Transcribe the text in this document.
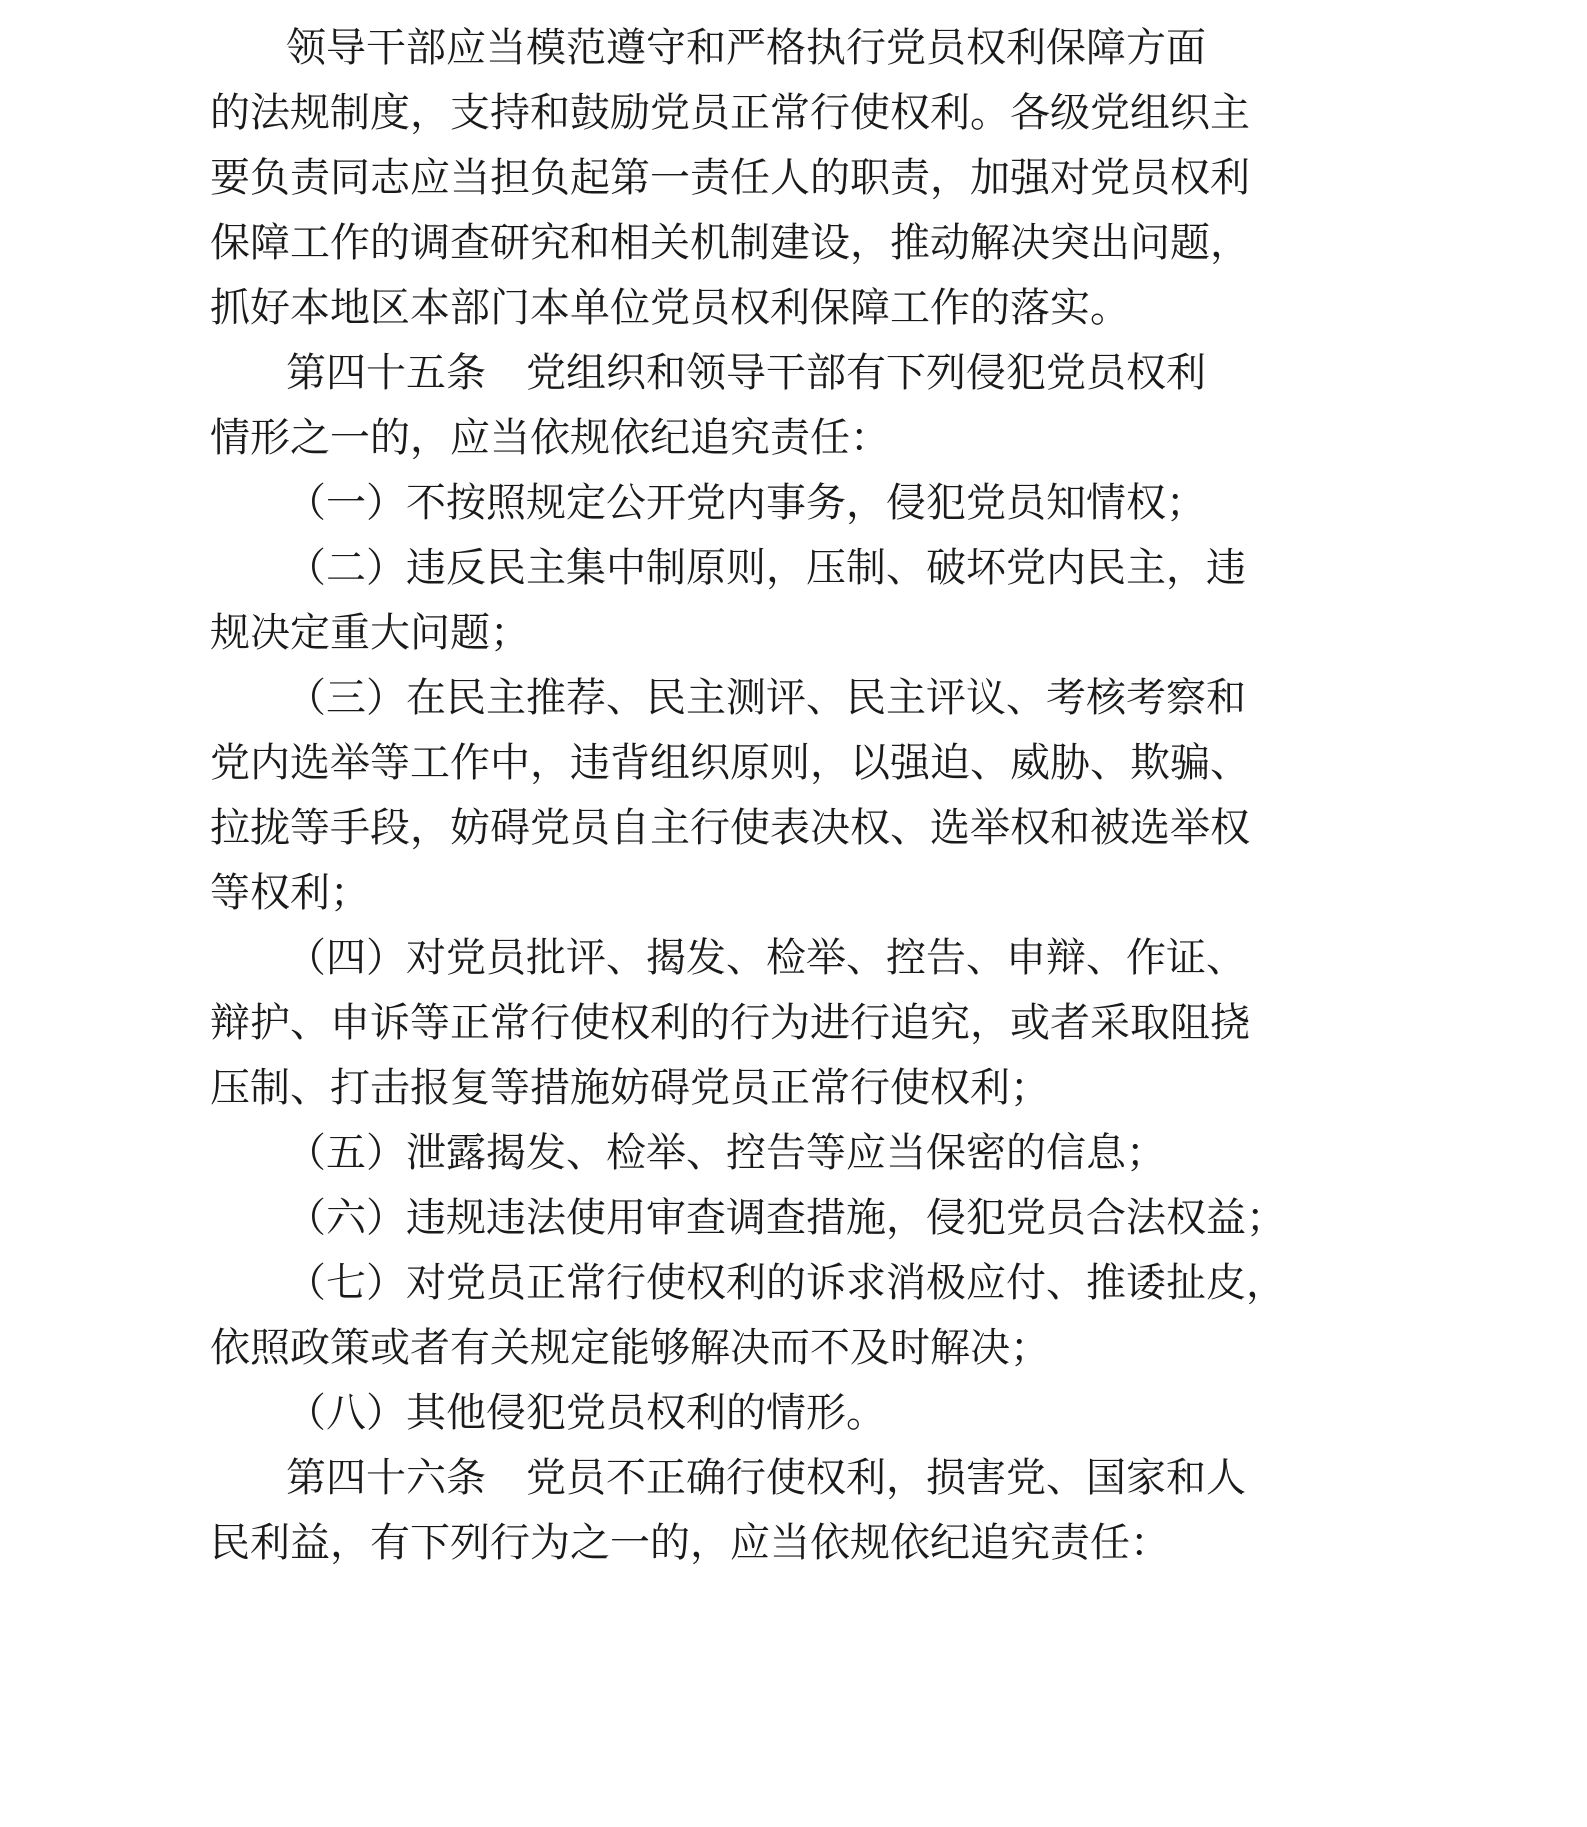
领导干部应当模范遵守和严格执行党员权利保障方面
的法规制度，支持和鼓励党员正常行使权利。各级党组织主
要负责同志应当担负起第一责任人的职责，加强对党员权利
保障工作的调查研究和相关机制建设，推动解决突出问题，
抓好本地区本部门本单位党员权利保障工作的落实。
第四十五条　党组织和领导干部有下列侵犯党员权利
情形之一的，应当依规依纪追究责任：
（一）不按照规定公开党内事务，侵犯党员知情权；
（二）违反民主集中制原则，压制、破坏党内民主，违
规决定重大问题；
（三）在民主推荐、民主测评、民主评议、考核考察和
党内选举等工作中，违背组织原则，以强迫、威胁、欺骗、
拉拢等手段，妨碍党员自主行使表决权、选举权和被选举权
等权利；
（四）对党员批评、揭发、检举、控告、申辩、作证、
辩护、申诉等正常行使权利的行为进行追究，或者采取阻挠
压制、打击报复等措施妨碍党员正常行使权利；
（五）泄露揭发、检举、控告等应当保密的信息；
（六）违规违法使用审查调查措施，侵犯党员合法权益；
（七）对党员正常行使权利的诉求消极应付、推诿扯皮，
依照政策或者有关规定能够解决而不及时解决；
（八）其他侵犯党员权利的情形。
第四十六条　党员不正确行使权利，损害党、国家和人
民利益，有下列行为之一的，应当依规依纪追究责任：
